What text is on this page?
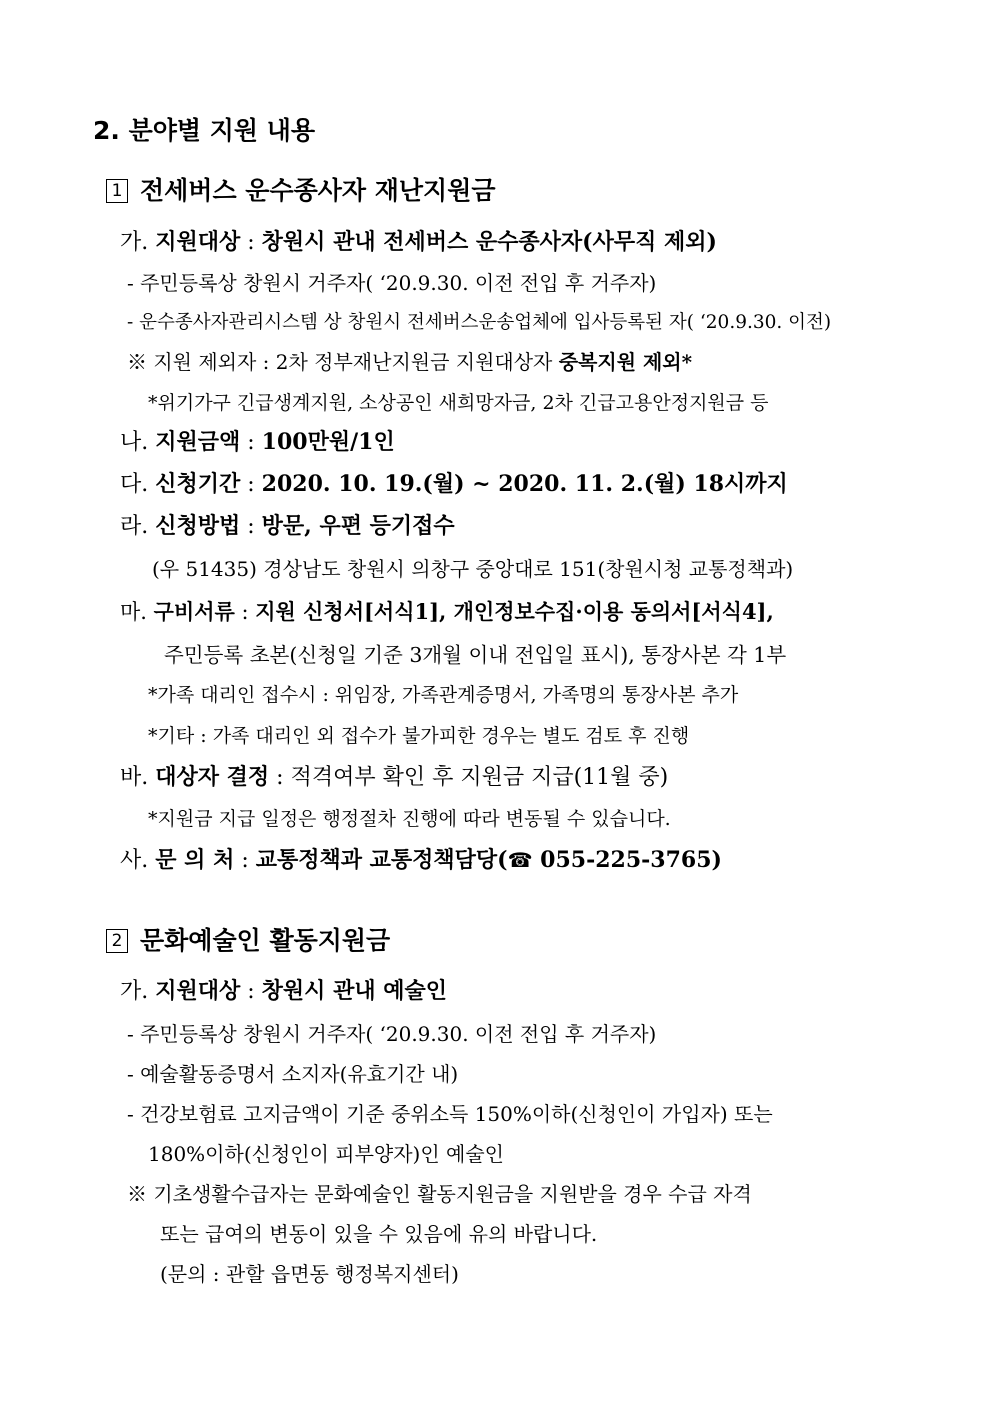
2. 분야별 지원 내용
1 전세버스 운수종사자 재난지원금
가. 지원대상 : 창원시 관내 전세버스 운수종사자(사무직 제외)
- 주민등록상 창원시 거주자( ‘20.9.30. 이전 전입 후 거주자)
- 운수종사자관리시스템 상 창원시 전세버스운송업체에 입사등록된 자( ‘20.9.30. 이전)
※ 지원 제외자 : 2차 정부재난지원금 지원대상자 중복지원 제외*
*위기가구 긴급생계지원, 소상공인 새희망자금, 2차 긴급고용안정지원금 등
나. 지원금액 : 100만원/1인
다. 신청기간 : 2020. 10. 19.(월) ~ 2020. 11. 2.(월) 18시까지
라. 신청방법 : 방문, 우편 등기접수
(우 51435) 경상남도 창원시 의창구 중앙대로 151(창원시청 교통정책과)
마. 구비서류 : 지원 신청서[서식1], 개인정보수집·이용 동의서[서식4],
주민등록 초본(신청일 기준 3개월 이내 전입일 표시), 통장사본 각 1부
*가족 대리인 접수시 : 위임장, 가족관계증명서, 가족명의 통장사본 추가
*기타 : 가족 대리인 외 접수가 불가피한 경우는 별도 검토 후 진행
바. 대상자 결정 : 적격여부 확인 후 지원금 지급(11월 중)
*지원금 지급 일정은 행정절차 진행에 따라 변동될 수 있습니다.
사. 문 의 처 : 교통정책과 교통정책담당(☎ 055-225-3765)
2 문화예술인 활동지원금
가. 지원대상 : 창원시 관내 예술인
- 주민등록상 창원시 거주자( ‘20.9.30. 이전 전입 후 거주자)
- 예술활동증명서 소지자(유효기간 내)
- 건강보험료 고지금액이 기준 중위소득 150%이하(신청인이 가입자) 또는
180%이하(신청인이 피부양자)인 예술인
※ 기초생활수급자는 문화예술인 활동지원금을 지원받을 경우 수급 자격
또는 급여의 변동이 있을 수 있음에 유의 바랍니다.
(문의 : 관할 읍면동 행정복지센터)
